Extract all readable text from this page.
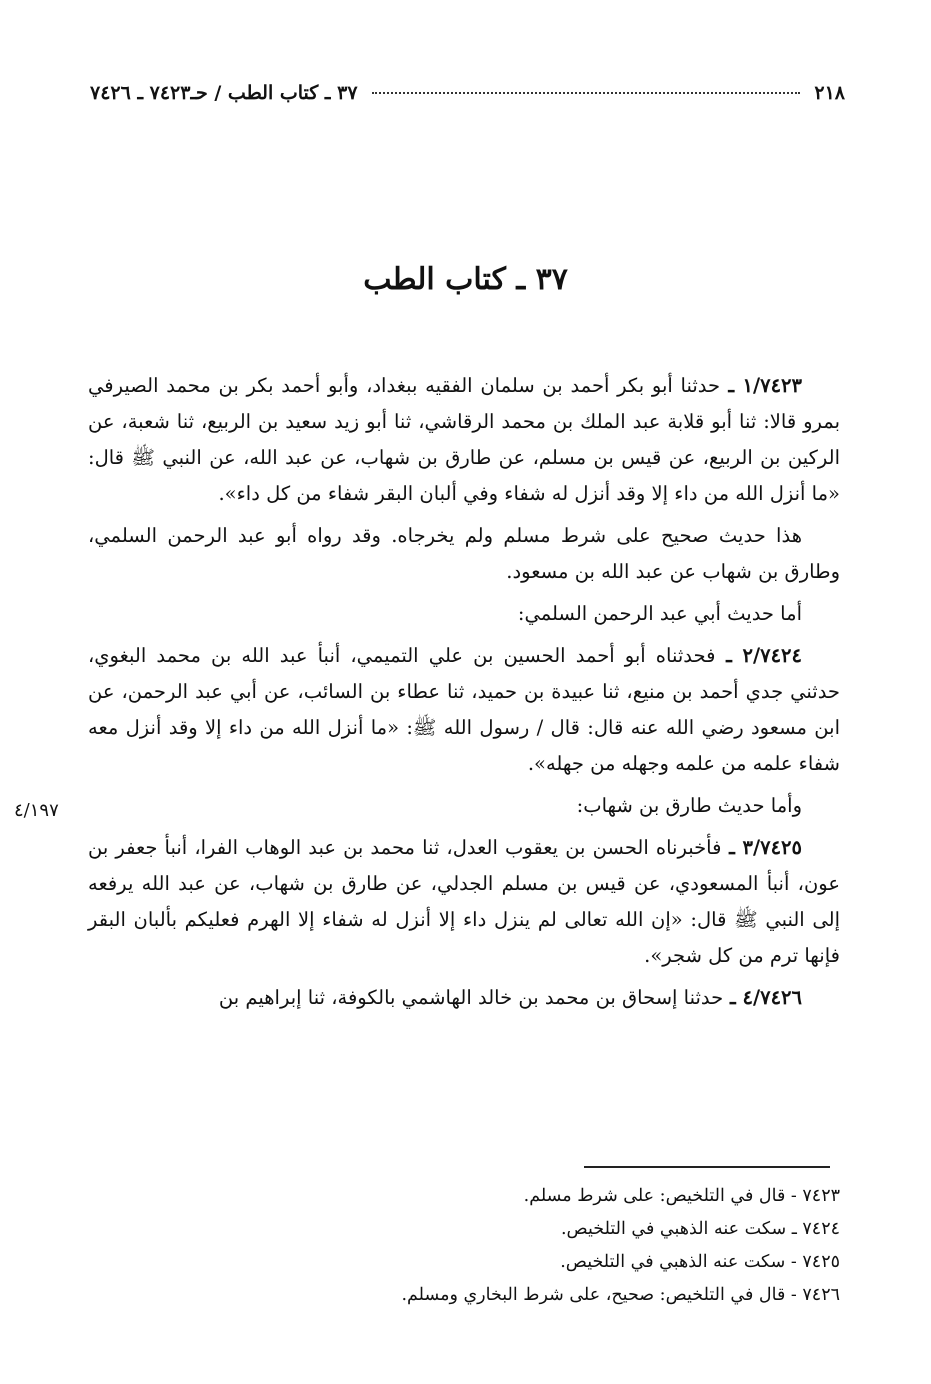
٢١٨
٣٧ ـ كتاب الطب / حـ٧٤٢٣ ـ ٧٤٢٦
٣٧ ـ كتاب الطب
٤/١٩٧

١/٧٤٢٣ ـ حدثنا أبو بكر أحمد بن سلمان الفقيه ببغداد، وأبو أحمد بكر بن محمد الصيرفي بمرو قالا: ثنا أبو قلابة عبد الملك بن محمد الرقاشي، ثنا أبو زيد سعيد بن الربيع، ثنا شعبة، عن الركين بن الربيع، عن قيس بن مسلم، عن طارق بن شهاب، عن عبد الله، عن النبي ﷺ قال: «ما أنزل الله من داء إلا وقد أنزل له شفاء وفي ألبان البقر شفاء من كل داء».

هذا حديث صحيح على شرط مسلم ولم يخرجاه. وقد رواه أبو عبد الرحمن السلمي، وطارق بن شهاب عن عبد الله بن مسعود.

أما حديث أبي عبد الرحمن السلمي:

٢/٧٤٢٤ ـ فحدثناه أبو أحمد الحسين بن علي التميمي، أنبأ عبد الله بن محمد البغوي، حدثني جدي أحمد بن منيع، ثنا عبيدة بن حميد، ثنا عطاء بن السائب، عن أبي عبد الرحمن، عن ابن مسعود رضي الله عنه قال: قال / رسول الله ﷺ: «ما أنزل الله من داء إلا وقد أنزل معه شفاء علمه من علمه وجهله من جهله».

وأما حديث طارق بن شهاب:

٣/٧٤٢٥ ـ فأخبرناه الحسن بن يعقوب العدل، ثنا محمد بن عبد الوهاب الفرا، أنبأ جعفر بن عون، أنبأ المسعودي، عن قيس بن مسلم الجدلي، عن طارق بن شهاب، عن عبد الله يرفعه إلى النبي ﷺ قال: «إن الله تعالى لم ينزل داء إلا أنزل له شفاء إلا الهرم فعليكم بألبان البقر فإنها ترم من كل شجر».

٤/٧٤٢٦ ـ حدثنا إسحاق بن محمد بن خالد الهاشمي بالكوفة، ثنا إبراهيم بن

٧٤٢٣ - قال في التلخيص: على شرط مسلم.
٧٤٢٤ ـ سكت عنه الذهبي في التلخيص.
٧٤٢٥ - سكت عنه الذهبي في التلخيص.
٧٤٢٦ - قال في التلخيص: صحيح، على شرط البخاري ومسلم.
